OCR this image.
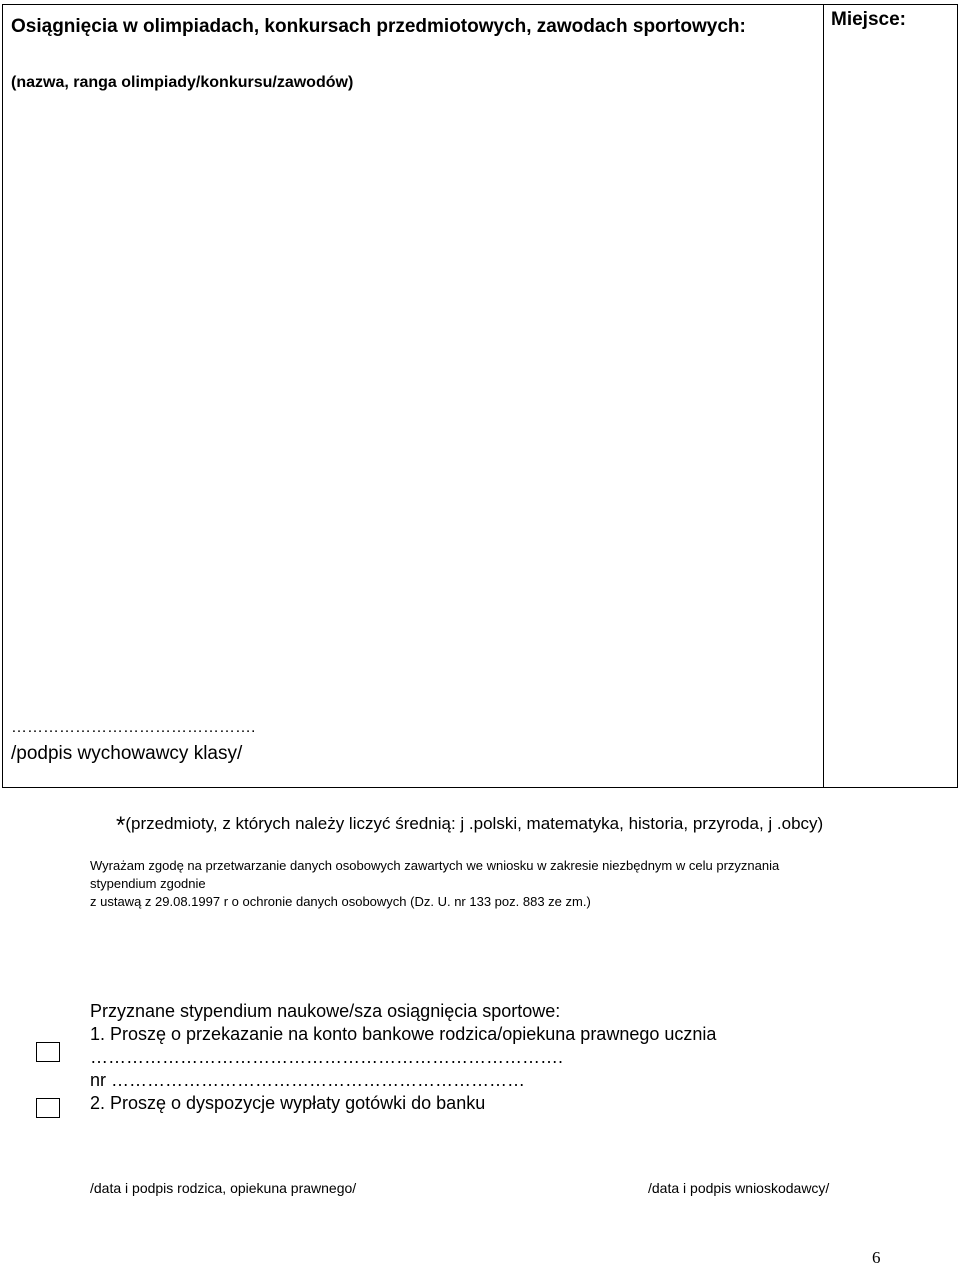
Osiągnięcia w olimpiadach, konkursach przedmiotowych, zawodach sportowych:

(nazwa, ranga olimpiady/konkursu/zawodów)

Miejsce:

……………………………………….

/podpis wychowawcy klasy/

*(przedmioty, z których należy liczyć średnią: j .polski, matematyka, historia, przyroda, j .obcy)

Wyrażam zgodę na przetwarzanie danych osobowych zawartych we wniosku w zakresie niezbędnym w celu przyznania
stypendium zgodnie
z ustawą z 29.08.1997 r o ochronie danych osobowych (Dz. U. nr 133 poz. 883 ze zm.)

Przyznane stypendium naukowe/sza osiągnięcia sportowe:
1. Proszę o przekazanie na konto bankowe rodzica/opiekuna prawnego ucznia
…………………………………………………………………….
nr ……………………………………………………………
2. Proszę o dyspozycje wypłaty gotówki do banku

/data i podpis rodzica, opiekuna prawnego/	/data i podpis wnioskodawcy/

6
